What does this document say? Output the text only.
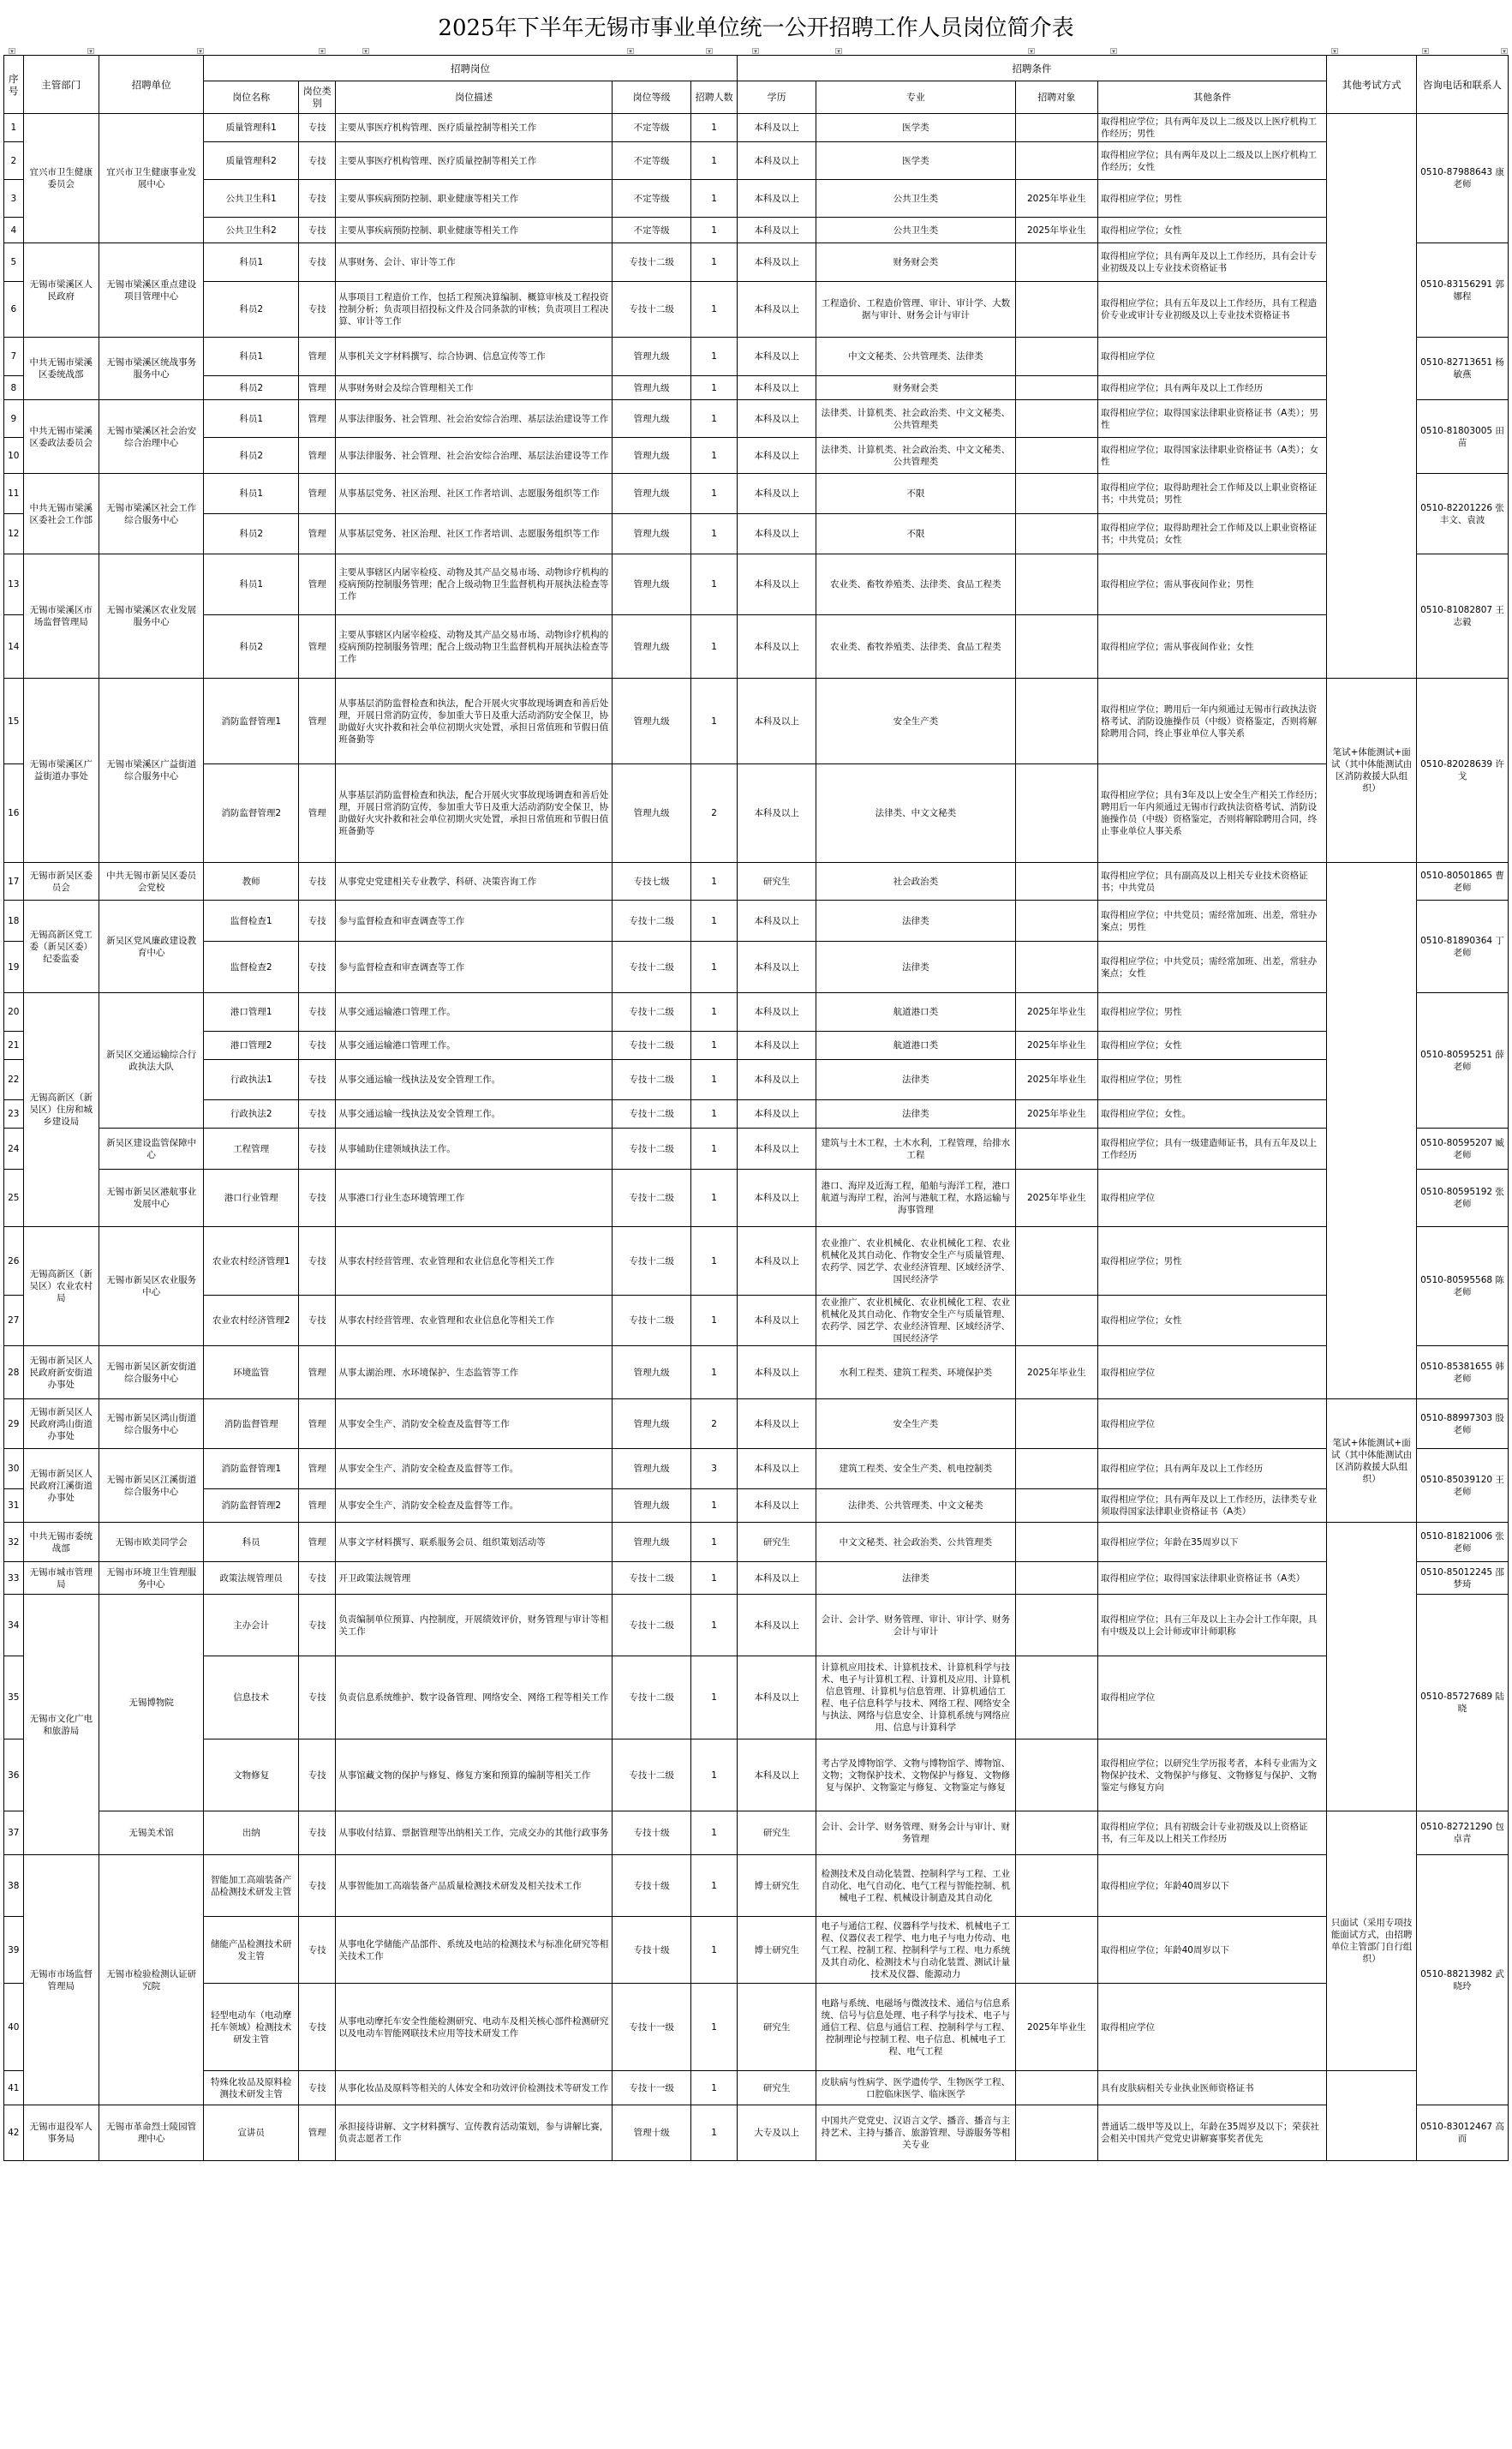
2025年下半年无锡市事业单位统一公开招聘工作人员岗位简介表
▾	▾	▾	▾	▾	▾	▾	▾	▾	▾	▾	▾	▾	▾
序号	主管部门	招聘单位	招聘岗位					招聘条件				其他考试方式	咨询电话和联系人
			岗位名称	岗位类别	岗位描述	岗位等级	招聘人数	学历	专业	招聘对象	其他条件		
1	宜兴市卫生健康委员会	宜兴市卫生健康事业发展中心	质量管理科1	专技	主要从事医疗机构管理、医疗质量控制等相关工作	不定等级	1	本科及以上	医学类		取得相应学位；具有两年及以上二级及以上医疗机构工作经历；男性		0510-87988643 康老师
2			质量管理科2	专技	主要从事医疗机构管理、医疗质量控制等相关工作	不定等级	1	本科及以上	医学类		取得相应学位；具有两年及以上二级及以上医疗机构工作经历；女性		
3			公共卫生科1	专技	主要从事疾病预防控制、职业健康等相关工作	不定等级	1	本科及以上	公共卫生类	2025年毕业生	取得相应学位；男性		
4			公共卫生科2	专技	主要从事疾病预防控制、职业健康等相关工作	不定等级	1	本科及以上	公共卫生类	2025年毕业生	取得相应学位；女性		
5	无锡市梁溪区人民政府	无锡市梁溪区重点建设项目管理中心	科员1	专技	从事财务、会计、审计等工作	专技十二级	1	本科及以上	财务财会类		取得相应学位；具有两年及以上工作经历，具有会计专业初级及以上专业技术资格证书		0510-83156291 郭娜程
6			科员2	专技	从事项目工程造价工作，包括工程预决算编制、概算审核及工程投资控制分析；负责项目招投标文件及合同条款的审核；负责项目工程决算、审计等工作	专技十二级	1	本科及以上	工程造价、工程造价管理、审计、审计学、大数据与审计、财务会计与审计		取得相应学位；具有五年及以上工作经历，具有工程造价专业或审计专业初级及以上专业技术资格证书		
7	中共无锡市梁溪区委统战部	无锡市梁溪区统战事务服务中心	科员1	管理	从事机关文字材料撰写、综合协调、信息宣传等工作	管理九级	1	本科及以上	中文文秘类、公共管理类、法律类		取得相应学位		0510-82713651 杨敏燕
8			科员2	管理	从事财务财会及综合管理相关工作	管理九级	1	本科及以上	财务财会类		取得相应学位；具有两年及以上工作经历		
9	中共无锡市梁溪区委政法委员会	无锡市梁溪区社会治安综合治理中心	科员1	管理	从事法律服务、社会管理、社会治安综合治理、基层法治建设等工作	管理九级	1	本科及以上	法律类、计算机类、社会政治类、中文文秘类、公共管理类		取得相应学位；取得国家法律职业资格证书（A类）；男性		0510-81803005 田苗
10			科员2	管理	从事法律服务、社会管理、社会治安综合治理、基层法治建设等工作	管理九级	1	本科及以上	法律类、计算机类、社会政治类、中文文秘类、公共管理类		取得相应学位；取得国家法律职业资格证书（A类）；女性		
11	中共无锡市梁溪区委社会工作部	无锡市梁溪区社会工作综合服务中心	科员1	管理	从事基层党务、社区治理、社区工作者培训、志愿服务组织等工作	管理九级	1	本科及以上	不限		取得相应学位；取得助理社会工作师及以上职业资格证书；中共党员；男性		0510-82201226 张丰文、袁波
12			科员2	管理	从事基层党务、社区治理、社区工作者培训、志愿服务组织等工作	管理九级	1	本科及以上	不限		取得相应学位；取得助理社会工作师及以上职业资格证书；中共党员；女性		
13	无锡市梁溪区市场监督管理局	无锡市梁溪区农业发展服务中心	科员1	管理	主要从事辖区内屠宰检疫、动物及其产品交易市场、动物诊疗机构的疫病预防控制服务管理；配合上级动物卫生监督机构开展执法检查等工作	管理九级	1	本科及以上	农业类、畜牧养殖类、法律类、食品工程类		取得相应学位；需从事夜间作业；男性		0510-81082807 王志毅
14			科员2	管理	主要从事辖区内屠宰检疫、动物及其产品交易市场、动物诊疗机构的疫病预防控制服务管理；配合上级动物卫生监督机构开展执法检查等工作	管理九级	1	本科及以上	农业类、畜牧养殖类、法律类、食品工程类		取得相应学位；需从事夜间作业；女性		
15	无锡市梁溪区广益街道办事处	无锡市梁溪区广益街道综合服务中心	消防监督管理1	管理	从事基层消防监督检查和执法，配合开展火灾事故现场调查和善后处理，开展日常消防宣传，参加重大节日及重大活动消防安全保卫，协助做好火灾扑救和社会单位初期火灾处置，承担日常值班和节假日值班备勤等	管理九级	1	本科及以上	安全生产类		取得相应学位；聘用后一年内须通过无锡市行政执法资格考试、消防设施操作员（中级）资格鉴定，否则将解除聘用合同，终止事业单位人事关系	笔试+体能测试+面试（其中体能测试由区消防救援大队组织）	0510-82028639 许戈
16			消防监督管理2	管理	从事基层消防监督检查和执法，配合开展火灾事故现场调查和善后处理，开展日常消防宣传，参加重大节日及重大活动消防安全保卫，协助做好火灾扑救和社会单位初期火灾处置，承担日常值班和节假日值班备勤等	管理九级	2	本科及以上	法律类、中文文秘类		取得相应学位；具有3年及以上安全生产相关工作经历；聘用后一年内须通过无锡市行政执法资格考试、消防设施操作员（中级）资格鉴定，否则将解除聘用合同，终止事业单位人事关系		
17	无锡市新吴区委员会	中共无锡市新吴区委员会党校	教师	专技	从事党史党建相关专业教学、科研、决策咨询工作	专技七级	1	研究生	社会政治类		取得相应学位；具有副高及以上相关专业技术资格证书；中共党员		0510-80501865 曹老师
18	无锡高新区党工委（新吴区委）纪委监委	新吴区党风廉政建设教育中心	监督检查1	专技	参与监督检查和审查调查等工作	专技十二级	1	本科及以上	法律类		取得相应学位；中共党员；需经常加班、出差，常驻办案点；男性		0510-81890364 丁老师
19			监督检查2	专技	参与监督检查和审查调查等工作	专技十二级	1	本科及以上	法律类		取得相应学位；中共党员；需经常加班、出差，常驻办案点；女性		
20	无锡高新区（新吴区）住房和城乡建设局	新吴区交通运输综合行政执法大队	港口管理1	专技	从事交通运输港口管理工作。	专技十二级	1	本科及以上	航道港口类	2025年毕业生	取得相应学位；男性		0510-80595251 薛老师
21			港口管理2	专技	从事交通运输港口管理工作。	专技十二级	1	本科及以上	航道港口类	2025年毕业生	取得相应学位；女性		
22			行政执法1	专技	从事交通运输一线执法及安全管理工作。	专技十二级	1	本科及以上	法律类	2025年毕业生	取得相应学位；男性		
23			行政执法2	专技	从事交通运输一线执法及安全管理工作。	专技十二级	1	本科及以上	法律类	2025年毕业生	取得相应学位；女性。		
24		新吴区建设监管保障中心	工程管理	专技	从事辅助住建领域执法工作。	专技十二级	1	本科及以上	建筑与土木工程，土木水利，工程管理，给排水工程		取得相应学位；具有一级建造师证书，具有五年及以上工作经历		0510-80595207 臧老师
25		无锡市新吴区港航事业发展中心	港口行业管理	专技	从事港口行业生态环境管理工作	专技十二级	1	本科及以上	港口、海岸及近海工程，船舶与海洋工程，港口航道与海岸工程，治河与港航工程，水路运输与海事管理	2025年毕业生	取得相应学位		0510-80595192 张老师
26	无锡高新区（新吴区）农业农村局	无锡市新吴区农业服务中心	农业农村经济管理1	专技	从事农村经营管理、农业管理和农业信息化等相关工作	专技十二级	1	本科及以上	农业推广、农业机械化、农业机械化工程、农业机械化及其自动化、作物安全生产与质量管理、农药学、园艺学、农业经济管理、区域经济学、国民经济学		取得相应学位；男性		0510-80595568 陈老师
27			农业农村经济管理2	专技	从事农村经营管理、农业管理和农业信息化等相关工作	专技十二级	1	本科及以上	农业推广、农业机械化、农业机械化工程、农业机械化及其自动化、作物安全生产与质量管理、农药学、园艺学、农业经济管理、区域经济学、国民经济学		取得相应学位；女性		
28	无锡市新吴区人民政府新安街道办事处	无锡市新吴区新安街道综合服务中心	环境监管	管理	从事太湖治理、水环境保护、生态监管等工作	管理九级	1	本科及以上	水利工程类、建筑工程类、环境保护类	2025年毕业生	取得相应学位		0510-85381655 韩老师
29	无锡市新吴区人民政府鸿山街道办事处	无锡市新吴区鸿山街道综合服务中心	消防监督管理	管理	从事安全生产、消防安全检查及监督等工作	管理九级	2	本科及以上	安全生产类		取得相应学位	笔试+体能测试+面试（其中体能测试由区消防救援大队组织）	0510-88997303 殷老师
30	无锡市新吴区人民政府江溪街道办事处	无锡市新吴区江溪街道综合服务中心	消防监督管理1	管理	从事安全生产、消防安全检查及监督等工作。	管理九级	3	本科及以上	建筑工程类、安全生产类、机电控制类		取得相应学位；具有两年及以上工作经历		0510-85039120 王老师
31			消防监督管理2	管理	从事安全生产、消防安全检查及监督等工作。	管理九级	1	本科及以上	法律类、公共管理类、中文文秘类		取得相应学位；具有两年及以上工作经历，法律类专业须取得国家法律职业资格证书（A类）		
32	中共无锡市委统战部	无锡市欧美同学会	科员	管理	从事文字材料撰写、联系服务会员、组织策划活动等	管理九级	1	研究生	中文文秘类、社会政治类、公共管理类		取得相应学位；年龄在35周岁以下		0510-81821006 张老师
33	无锡市城市管理局	无锡市环境卫生管理服务中心	政策法规管理员	专技	开卫政策法规管理	专技十二级	1	本科及以上	法律类		取得相应学位；取得国家法律职业资格证书（A类）		0510-85012245 邵梦琦
34	无锡市文化广电和旅游局	无锡博物院	主办会计	专技	负责编制单位预算、内控制度，开展绩效评价，财务管理与审计等相关工作	专技十二级	1	本科及以上	会计、会计学、财务管理、审计、审计学、财务会计与审计		取得相应学位；具有三年及以上主办会计工作年限，具有中级及以上会计师或审计师职称		0510-85727689 陆晓
35			信息技术	专技	负责信息系统维护、数字设备管理、网络安全、网络工程等相关工作	专技十二级	1	本科及以上	计算机应用技术、计算机技术、计算机科学与技术、电子与计算机工程、计算机及应用、计算机信息管理、计算机与信息管理、计算机通信工程、电子信息科学与技术、网络工程、网络安全与执法、网络与信息安全、计算机系统与网络应用、信息与计算科学		取得相应学位		
36			文物修复	专技	从事馆藏文物的保护与修复、修复方案和预算的编制等相关工作	专技十二级	1	本科及以上	考古学及博物馆学、文物与博物馆学、博物馆、文物；文物保护技术、文物保护与修复、文物修复与保护、文物鉴定与修复、文物鉴定与修复		取得相应学位；以研究生学历报考者，本科专业需为文物保护技术、文物保护与修复、文物修复与保护、文物鉴定与修复方向		
37		无锡美术馆	出纳	专技	从事收付结算、票据管理等出纳相关工作，完成交办的其他行政事务	专技十级	1	研究生	会计、会计学、财务管理、财务会计与审计、财务管理		取得相应学位；具有初级会计专业初级及以上资格证书，有三年及以上相关工作经历	只面试（采用专项技能面试方式，由招聘单位主管部门自行组织）	0510-82721290 包卓青
38	无锡市市场监督管理局	无锡市检验检测认证研究院	智能加工高端装备产品检测技术研发主管	专技	从事智能加工高端装备产品质量检测技术研发及相关技术工作	专技十级	1	博士研究生	检测技术及自动化装置、控制科学与工程、工业自动化、电气自动化、电气工程与智能控制、机械电子工程、机械设计制造及其自动化		取得相应学位；年龄40周岁以下		0510-88213982 武晓玲
39			储能产品检测技术研发主管	专技	从事电化学储能产品部件、系统及电站的检测技术与标准化研究等相关技术工作	专技十级	1	博士研究生	电子与通信工程、仪器科学与技术、机械电子工程、仪器仪表工程学、电力电子与电力传动、电气工程、控制工程、控制科学与工程、电力系统及其自动化、检测技术与自动化装置、测试计量技术及仪器、能源动力		取得相应学位；年龄40周岁以下		
40			轻型电动车（电动摩托车领域）检测技术研发主管	专技	从事电动摩托车安全性能检测研究、电动车及相关核心部件检测研究以及电动车智能网联技术应用等技术研发工作	专技十一级	1	研究生	电路与系统、电磁场与微波技术、通信与信息系统、信号与信息处理、电子科学与技术、电子与通信工程、信息与通信工程、控制科学与工程、控制理论与控制工程、电子信息、机械电子工程、电气工程	2025年毕业生	取得相应学位		
41			特殊化妆品及原料检测技术研发主管	专技	从事化妆品及原料等相关的人体安全和功效评价检测技术等研发工作	专技十一级	1	研究生	皮肤病与性病学、医学遗传学、生物医学工程、口腔临床医学、临床医学		具有皮肤病相关专业执业医师资格证书		
42	无锡市退役军人事务局	无锡市革命烈士陵园管理中心	宣讲员	管理	承担接待讲解、文字材料撰写、宣传教育活动策划，参与讲解比赛，负责志愿者工作	管理十级	1	大专及以上	中国共产党党史、汉语言文学、播音、播音与主持艺术、主持与播音、旅游管理、导游服务等相关专业		普通话二级甲等及以上，年龄在35周岁及以下；荣获社会相关中国共产党党史讲解赛事奖者优先		0510-83012467 高而
